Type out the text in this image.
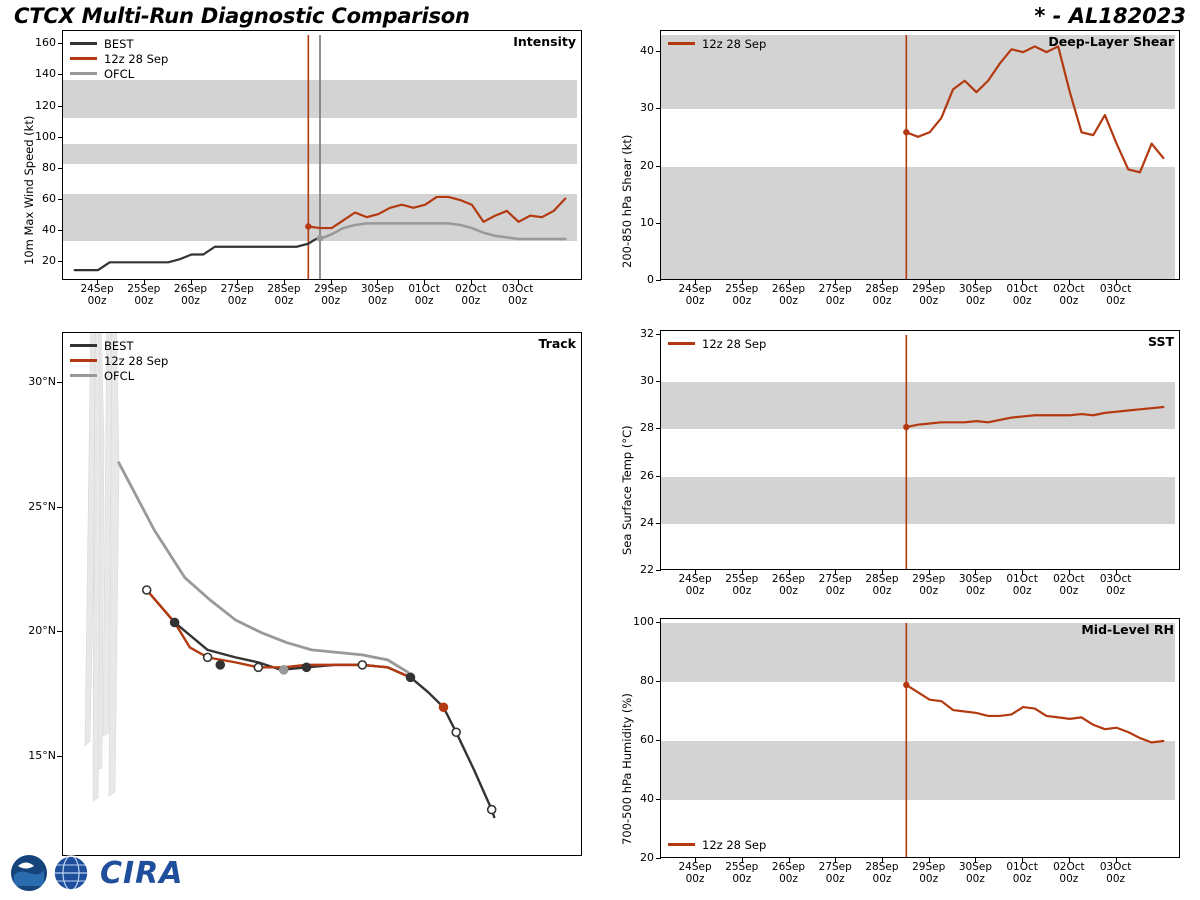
CTCX Multi-Run Diagnostic Comparison	* - AL182023
Intensity
BEST
12z 28 Sep
OFCL
10m Max Wind Speed (kt)
Track
BEST
12z 28 Sep
OFCL
Deep-Layer Shear
12z 28 Sep
200-850 hPa Shear (kt)
SST
12z 28 Sep
Sea Surface Temp (°C)
Mid-Level RH
12z 28 Sep
700-500 hPa Humidity (%)
CIRA
20
40
60
80
100
120
140
160
24Sep
00z
25Sep
00z
26Sep
00z
27Sep
00z
28Sep
00z
29Sep
00z
30Sep
00z
01Oct
00z
02Oct
00z
03Oct
00z
0
10
20
30
40
24Sep
00z
25Sep
00z
26Sep
00z
27Sep
00z
28Sep
00z
29Sep
00z
30Sep
00z
01Oct
00z
02Oct
00z
03Oct
00z
22
24
26
28
30
32
24Sep
00z
25Sep
00z
26Sep
00z
27Sep
00z
28Sep
00z
29Sep
00z
30Sep
00z
01Oct
00z
02Oct
00z
03Oct
00z
20
40
60
80
100
24Sep
00z
25Sep
00z
26Sep
00z
27Sep
00z
28Sep
00z
29Sep
00z
30Sep
00z
01Oct
00z
02Oct
00z
03Oct
00z
15°N
20°N
25°N
30°N
